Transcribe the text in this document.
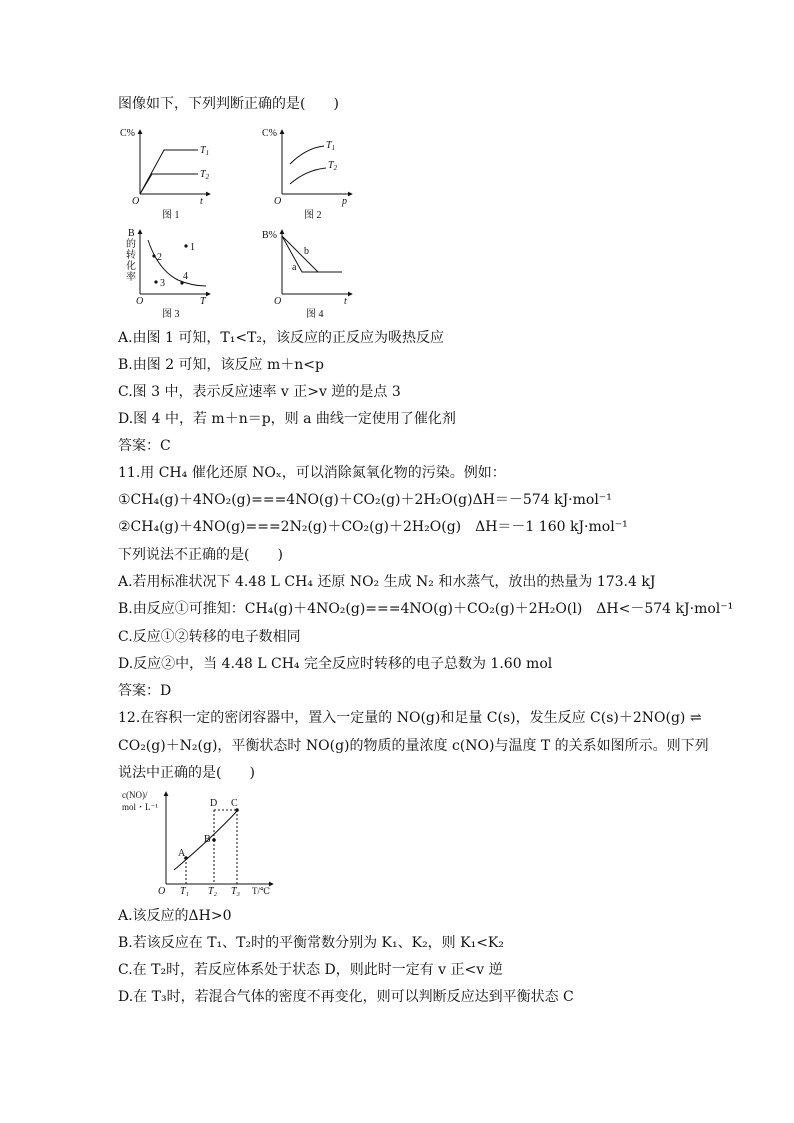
图像如下，下列判断正确的是(　　)
C%
O	t
$T_1$
$T_2$
图 1
C%
O	p
$T_1$
$T_2$
图 2
B
的
转
化
率
O	T
1
2
3
4
图 3
B%
O	t
a
b
图 4
A.由图 1 可知，T₁<T₂，该反应的正反应为吸热反应
B.由图 2 可知，该反应 m＋n<p
C.图 3 中，表示反应速率 v 正>v 逆的是点 3
D.图 4 中，若 m＋n＝p，则 a 曲线一定使用了催化剂
答案：C
11.用 CH₄ 催化还原 NOₓ，可以消除氮氧化物的污染。例如：
①CH₄(g)＋4NO₂(g)===4NO(g)＋CO₂(g)＋2H₂O(g)ΔH＝－574 kJ·mol⁻¹
②CH₄(g)＋4NO(g)===2N₂(g)＋CO₂(g)＋2H₂O(g)　ΔH＝－1 160 kJ·mol⁻¹
下列说法不正确的是(　　)
A.若用标准状况下 4.48 L CH₄ 还原 NO₂ 生成 N₂ 和水蒸气，放出的热量为 173.4 kJ
B.由反应①可推知：CH₄(g)＋4NO₂(g)===4NO(g)＋CO₂(g)＋2H₂O(l)　ΔH<－574 kJ·mol⁻¹
C.反应①②转移的电子数相同
D.反应②中，当 4.48 L CH₄ 完全反应时转移的电子总数为 1.60 mol
答案：D
12.在容积一定的密闭容器中，置入一定量的 NO(g)和足量 C(s)，发生反应 C(s)＋2NO(g) ⇌
CO₂(g)＋N₂(g)，平衡状态时 NO(g)的物质的量浓度 c(NO)与温度 T 的关系如图所示。则下列
说法中正确的是(　　)
c(NO)/
mol・L⁻¹
O	T/℃
A
B
C
D
T₁ T₂ T₃
A.该反应的ΔH>0
B.若该反应在 T₁、T₂时的平衡常数分别为 K₁、K₂，则 K₁<K₂
C.在 T₂时，若反应体系处于状态 D，则此时一定有 v 正<v 逆
D.在 T₃时，若混合气体的密度不再变化，则可以判断反应达到平衡状态 C
